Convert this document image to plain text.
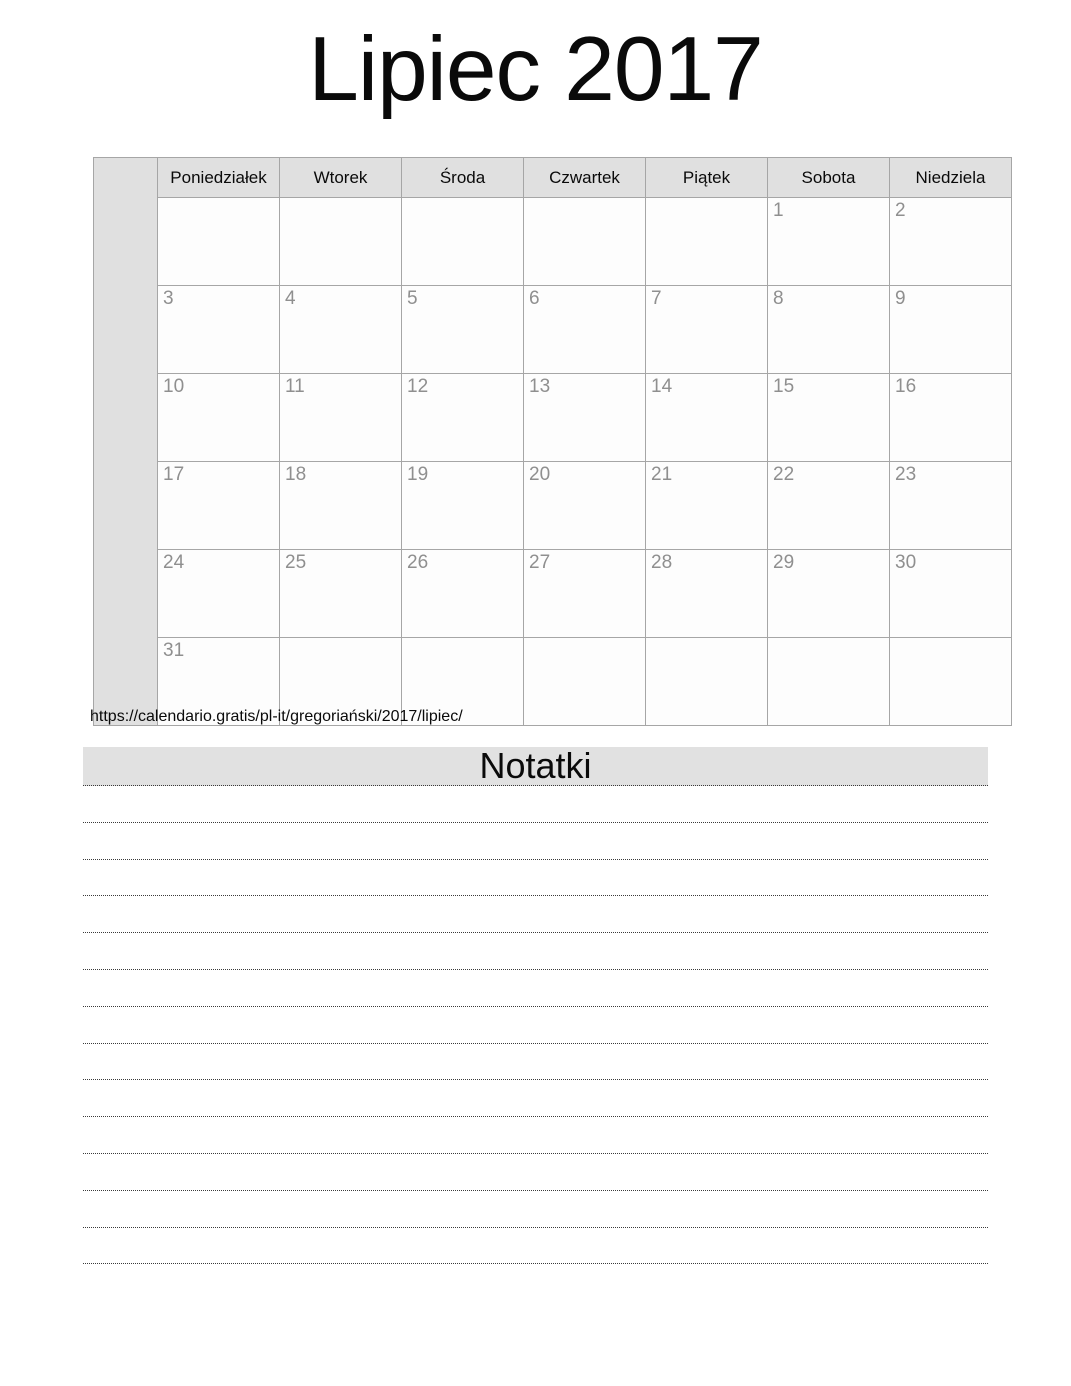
Lipiec 2017
	Poniedziałek	Wtorek	Środa	Czwartek	Piątek	Sobota	Niedziela
						1	2
	3	4	5	6	7	8	9
	10	11	12	13	14	15	16
	17	18	19	20	21	22	23
	24	25	26	27	28	29	30
	31						

https://calendario.gratis/pl-it/gregoriański/2017/lipiec/

Notatki
